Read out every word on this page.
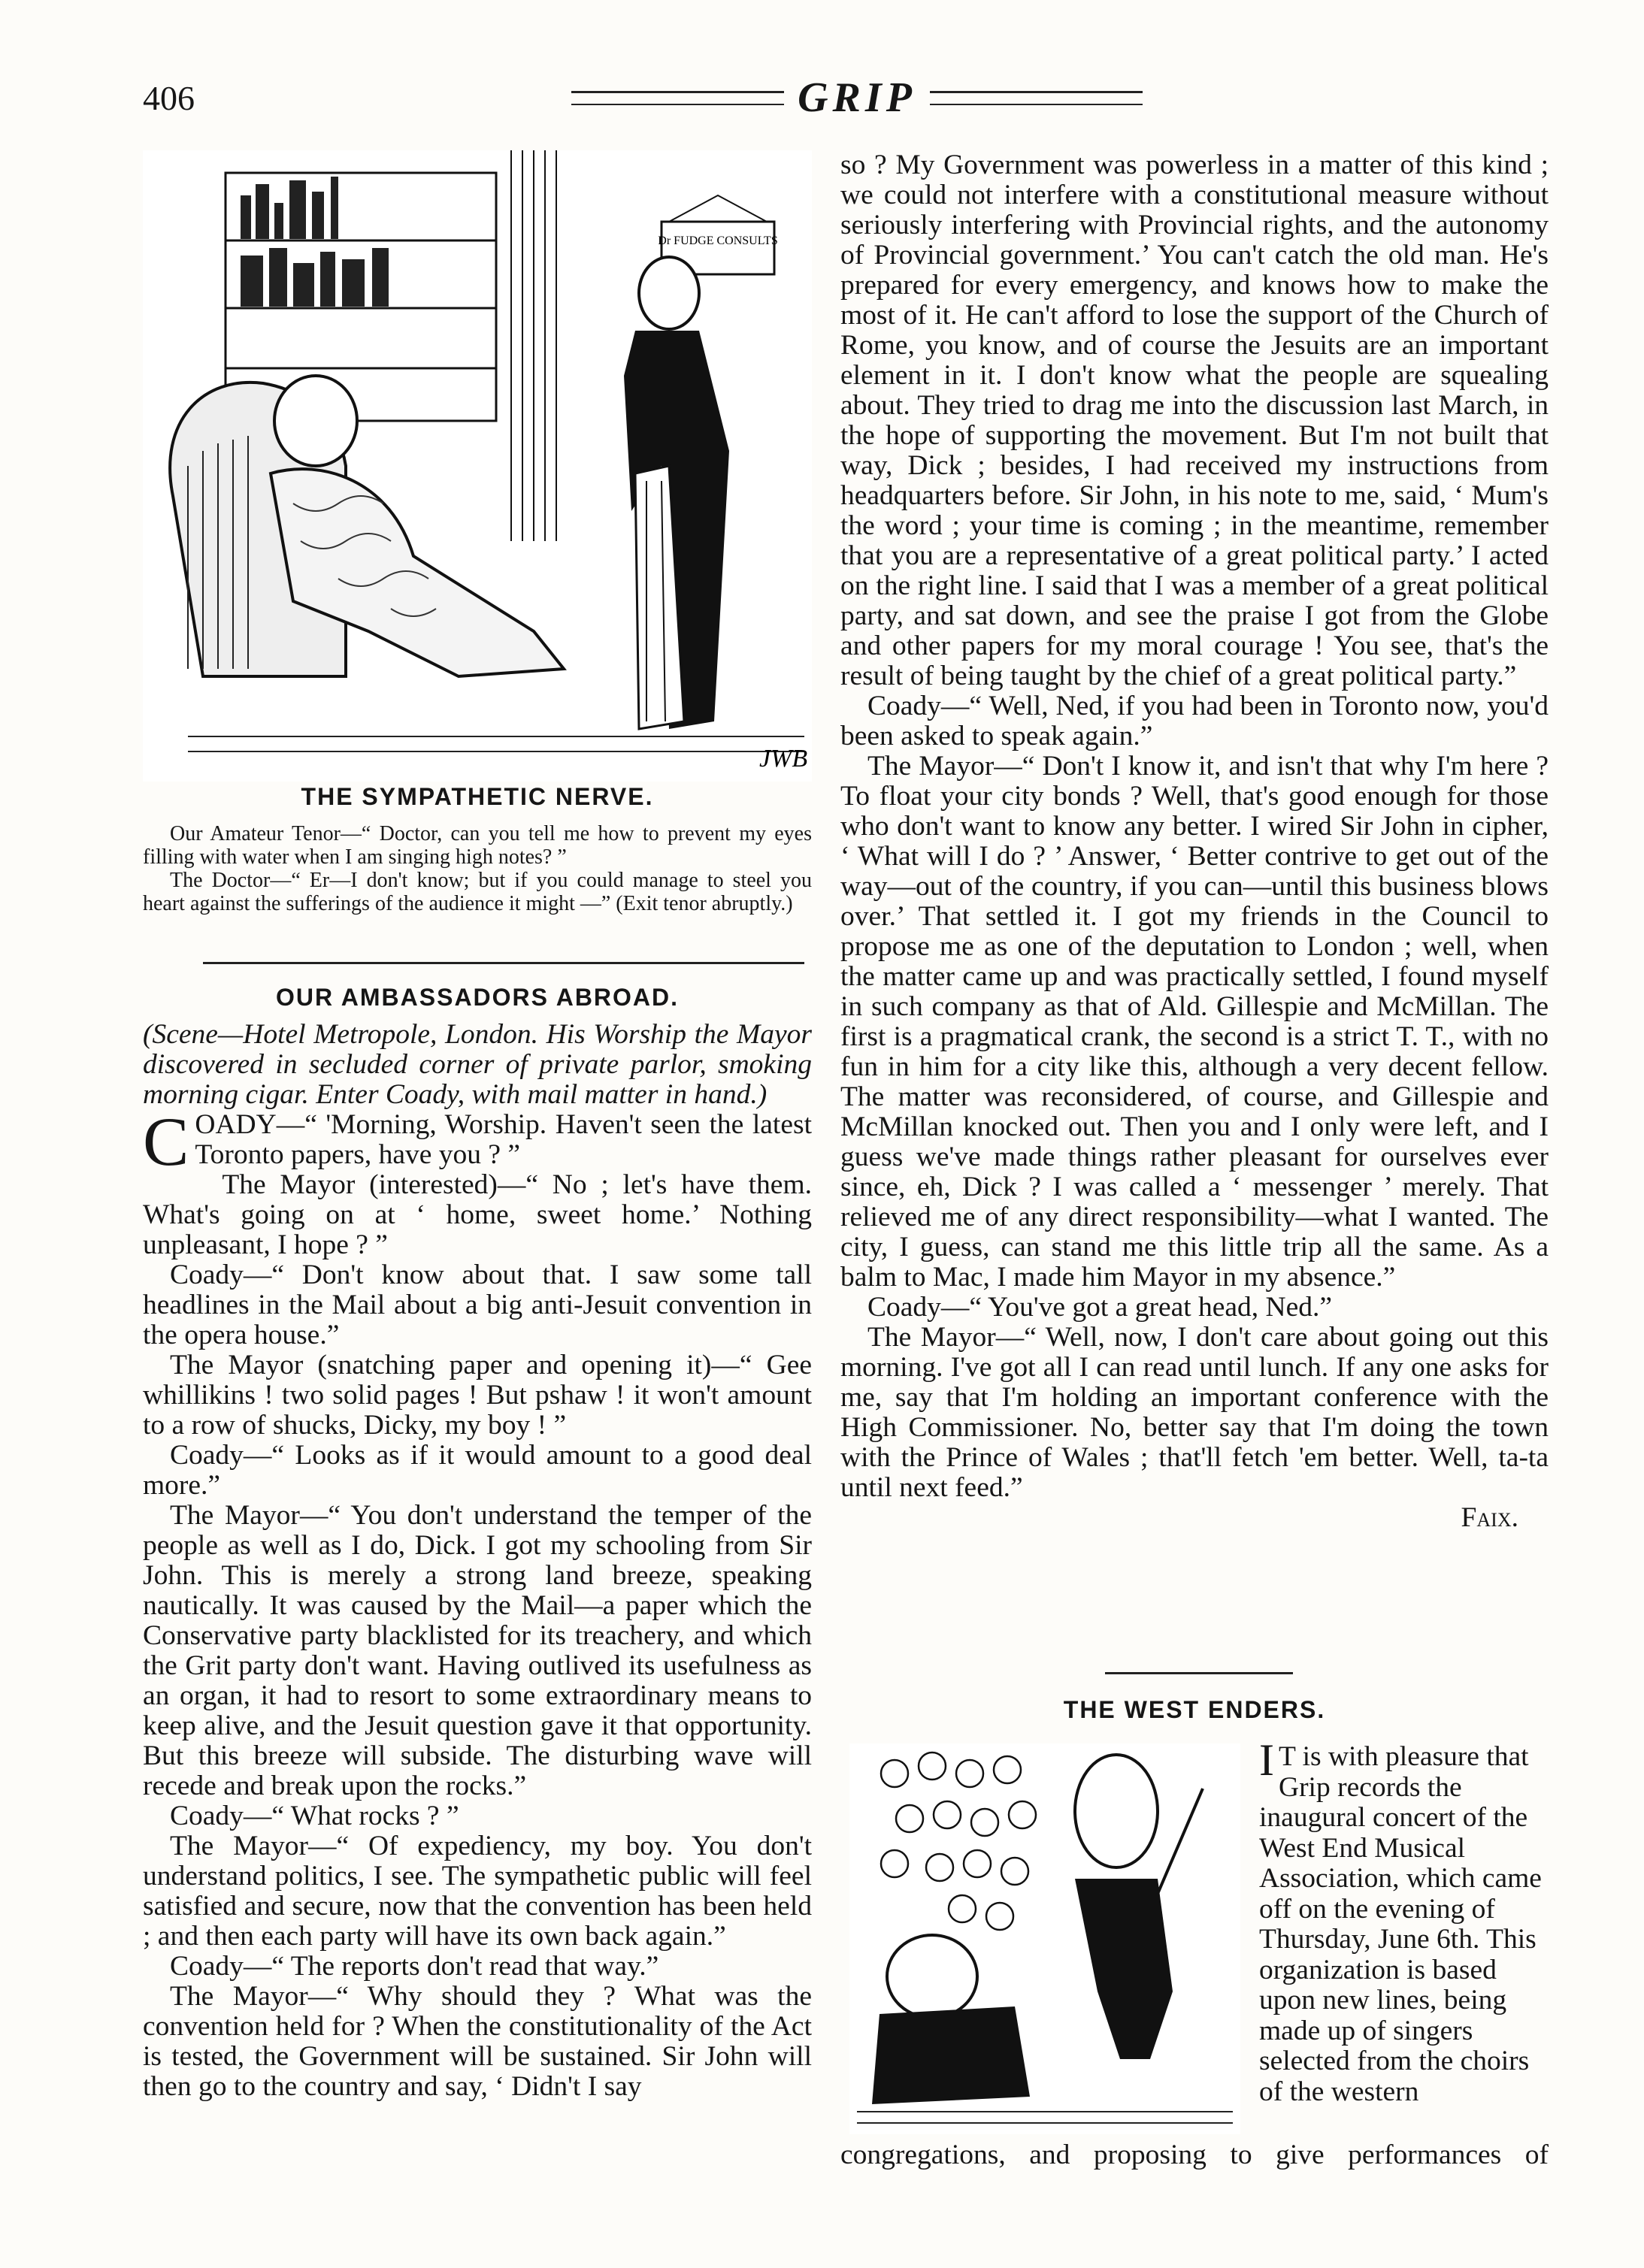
406	GRIP
Dr FUDGE CONSULTS
JWB
THE SYMPATHETIC NERVE.

Our Amateur Tenor—“ Doctor, can you tell me how to prevent my eyes filling with water when I am singing high notes? ”

The Doctor—“ Er—I don't know; but if you could manage to steel you heart against the sufferings of the audience it might —” (Exit tenor abruptly.)

OUR AMBASSADORS ABROAD.

(Scene—Hotel Metropole, London. His Worship the Mayor discovered in secluded corner of private parlor, smoking morning cigar. Enter Coady, with mail matter in hand.)

COADY—“ 'Morning, Worship. Haven't seen the latest Toronto papers, have you ? ”

The Mayor (interested)—“ No ; let's have them. What's going on at ‘ home, sweet home.’ Nothing unpleasant, I hope ? ”

Coady—“ Don't know about that. I saw some tall headlines in the Mail about a big anti-Jesuit convention in the opera house.”

The Mayor (snatching paper and opening it)—“ Gee whillikins ! two solid pages ! But pshaw ! it won't amount to a row of shucks, Dicky, my boy ! ”

Coady—“ Looks as if it would amount to a good deal more.”

The Mayor—“ You don't understand the temper of the people as well as I do, Dick. I got my schooling from Sir John. This is merely a strong land breeze, speaking nautically. It was caused by the Mail—a paper which the Conservative party blacklisted for its treachery, and which the Grit party don't want. Having outlived its usefulness as an organ, it had to resort to some extraordinary means to keep alive, and the Jesuit question gave it that opportunity. But this breeze will subside. The disturbing wave will recede and break upon the rocks.”

Coady—“ What rocks ? ”

The Mayor—“ Of expediency, my boy. You don't understand politics, I see. The sympathetic public will feel satisfied and secure, now that the convention has been held ; and then each party will have its own back again.”

Coady—“ The reports don't read that way.”

The Mayor—“ Why should they ? What was the convention held for ? When the constitutionality of the Act is tested, the Government will be sustained. Sir John will then go to the country and say, ‘ Didn't I say

so ? My Government was powerless in a matter of this kind ; we could not interfere with a constitutional measure without seriously interfering with Provincial rights, and the autonomy of Provincial government.’ You can't catch the old man. He's prepared for every emergency, and knows how to make the most of it. He can't afford to lose the support of the Church of Rome, you know, and of course the Jesuits are an important element in it. I don't know what the people are squealing about. They tried to drag me into the discussion last March, in the hope of supporting the movement. But I'm not built that way, Dick ; besides, I had received my instructions from headquarters before. Sir John, in his note to me, said, ‘ Mum's the word ; your time is coming ; in the meantime, remember that you are a representative of a great political party.’ I acted on the right line. I said that I was a member of a great political party, and sat down, and see the praise I got from the Globe and other papers for my moral courage ! You see, that's the result of being taught by the chief of a great political party.”

Coady—“ Well, Ned, if you had been in Toronto now, you'd been asked to speak again.”

The Mayor—“ Don't I know it, and isn't that why I'm here ? To float your city bonds ? Well, that's good enough for those who don't want to know any better. I wired Sir John in cipher, ‘ What will I do ? ’ Answer, ‘ Better contrive to get out of the way—out of the country, if you can—until this business blows over.’ That settled it. I got my friends in the Council to propose me as one of the deputation to London ; well, when the matter came up and was practically settled, I found myself in such company as that of Ald. Gillespie and McMillan. The first is a pragmatical crank, the second is a strict T. T., with no fun in him for a city like this, although a very decent fellow. The matter was reconsidered, of course, and Gillespie and McMillan knocked out. Then you and I only were left, and I guess we've made things rather pleasant for ourselves ever since, eh, Dick ? I was called a ‘ messenger ’ merely. That relieved me of any direct responsibility—what I wanted. The city, I guess, can stand me this little trip all the same. As a balm to Mac, I made him Mayor in my absence.”

Coady—“ You've got a great head, Ned.”

The Mayor—“ Well, now, I don't care about going out this morning. I've got all I can read until lunch. If any one asks for me, say that I'm holding an important conference with the High Commissioner. No, better say that I'm doing the town with the Prince of Wales ; that'll fetch 'em better. Well, ta-ta until next feed.”

Faix.
THE WEST ENDERS.

I T is with pleasure that Grip records the inaugural concert of the West End Musical Association, which came off on the evening of Thursday, June 6th. This organization is based upon new lines, being made up of singers selected from the choirs of the western

congregations, and proposing to give performances of
